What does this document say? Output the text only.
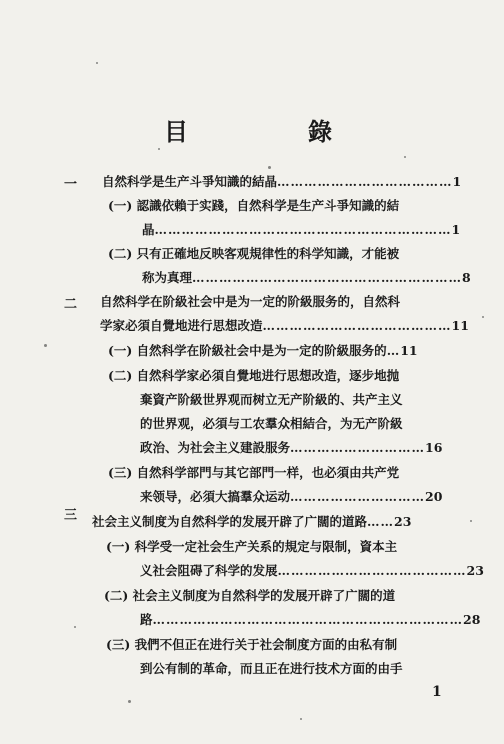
目　錄
一
二
三
自然科学是生产斗爭知識的結晶…………………………………1
(一) 認識依賴于实踐，自然科学是生产斗爭知識的結
晶…………………………………………………………1
(二) 只有正確地反映客观規律性的科学知識，才能被
称为真理……………………………………………………8
自然科学在阶級社会中是为一定的阶級服务的，自然科
学家必須自覺地进行思想改造……………………………………11
(一) 自然科学在阶級社会中是为一定的阶級服务的…11
(二) 自然科学家必須自覺地进行思想改造，逐步地抛
棄資产阶級世界观而树立无产阶級的、共产主义
的世界观，必須与工农羣众相結合，为无产阶級
政治、为社会主义建設服务…………………………16
(三) 自然科学部門与其它部門一样，也必須由共产党
来领导，必須大搞羣众运动…………………………20
社会主义制度为自然科学的发展开辟了广闊的道路……23
(一) 科学受一定社会生产关系的規定与限制，資本主
义社会阻碍了科学的发展……………………………………23
(二) 社会主义制度为自然科学的发展开辟了广闊的道
路……………………………………………………………28
(三) 我們不但正在进行关于社会制度方面的由私有制
到公有制的革命，而且正在进行技术方面的由手
1
